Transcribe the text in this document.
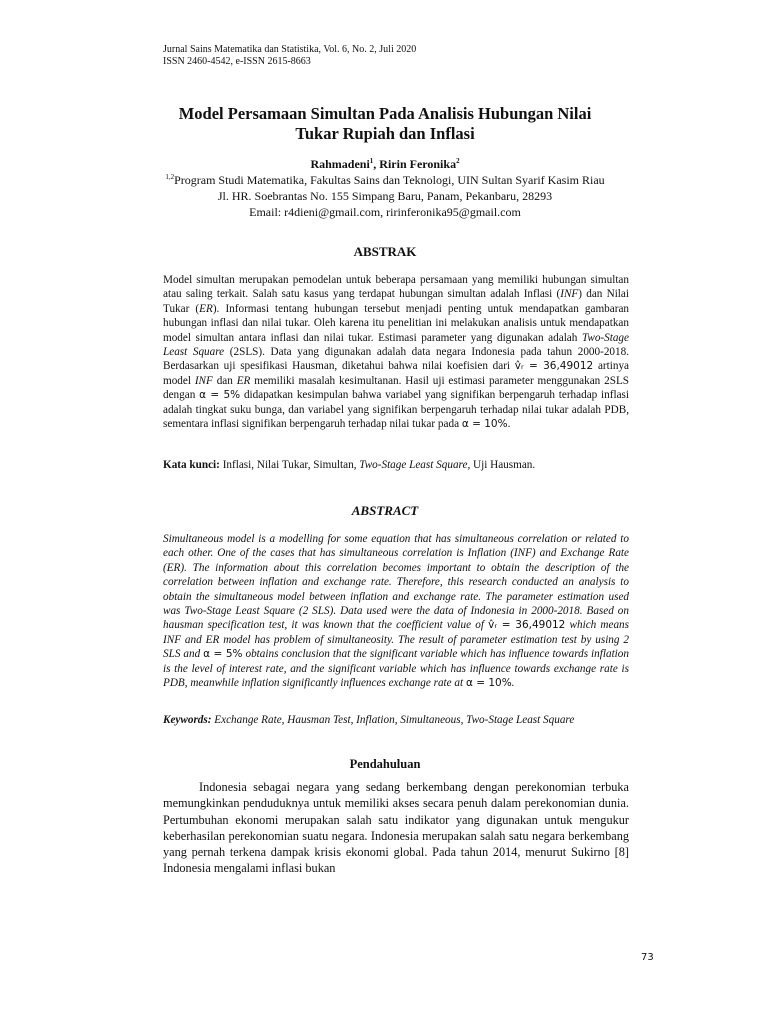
Jurnal Sains Matematika dan Statistika, Vol. 6, No. 2, Juli 2020
ISSN 2460-4542, e-ISSN 2615-8663
Model Persamaan Simultan Pada Analisis Hubungan Nilai
Tukar Rupiah dan Inflasi
Rahmadeni$^1$, Ririn Feronika$^2$
$^{1,2}$Program Studi Matematika, Fakultas Sains dan Teknologi, UIN Sultan Syarif Kasim Riau
Jl. HR. Soebrantas No. 155 Simpang Baru, Panam, Pekanbaru, 28293
Email: r4dieni@gmail.com, ririnferonika95@gmail.com
ABSTRAK

Model simultan merupakan pemodelan untuk beberapa persamaan yang memiliki hubungan simultan atau saling terkait. Salah satu kasus yang terdapat hubungan simultan adalah Inflasi (INF) dan Nilai Tukar (ER). Informasi tentang hubungan tersebut menjadi penting untuk mendapatkan gambaran hubungan inflasi dan nilai tukar. Oleh karena itu penelitian ini melakukan analisis untuk mendapatkan model simultan antara inflasi dan nilai tukar. Estimasi parameter yang digunakan adalah Two-Stage Least Square (2SLS). Data yang digunakan adalah data negara Indonesia pada tahun 2000-2018. Berdasarkan uji spesifikasi Hausman, diketahui bahwa nilai koefisien dari v̂ᵣ = 36,49012 artinya model INF dan ER memiliki masalah kesimultanan. Hasil uji estimasi parameter menggunakan 2SLS dengan α = 5% didapatkan kesimpulan bahwa variabel yang signifikan berpengaruh terhadap inflasi adalah tingkat suku bunga, dan variabel yang signifikan berpengaruh terhadap nilai tukar adalah PDB, sementara inflasi signifikan berpengaruh terhadap nilai tukar pada α = 10%.

Kata kunci: Inflasi, Nilai Tukar, Simultan, Two-Stage Least Square, Uji Hausman.

ABSTRACT

Simultaneous model is a modelling for some equation that has simultaneous correlation or related to each other. One of the cases that has simultaneous correlation is Inflation (INF) and Exchange Rate (ER). The information about this correlation becomes important to obtain the description of the correlation between inflation and exchange rate. Therefore, this research conducted an analysis to obtain the simultaneous model between inflation and exchange rate. The parameter estimation used was Two-Stage Least Square (2 SLS). Data used were the data of Indonesia in 2000-2018. Based on hausman specification test, it was known that the coefficient value of v̂ᵣ = 36,49012 which means INF and ER model has problem of simultaneosity. The result of parameter estimation test by using 2 SLS and α = 5% obtains conclusion that the significant variable which has influence towards inflation is the level of interest rate, and the significant variable which has influence towards exchange rate is PDB, meanwhile inflation significantly influences exchange rate at α = 10%.

Keywords: Exchange Rate, Hausman Test, Inflation, Simultaneous, Two-Stage Least Square

Pendahuluan

Indonesia sebagai negara yang sedang berkembang dengan perekonomian terbuka memungkinkan penduduknya untuk memiliki akses secara penuh dalam perekonomian dunia. Pertumbuhan ekonomi merupakan salah satu indikator yang digunakan untuk mengukur keberhasilan perekonomian suatu negara. Indonesia merupakan salah satu negara berkembang yang pernah terkena dampak krisis ekonomi global. Pada tahun 2014, menurut Sukirno [8] Indonesia mengalami inflasi bukan

73
